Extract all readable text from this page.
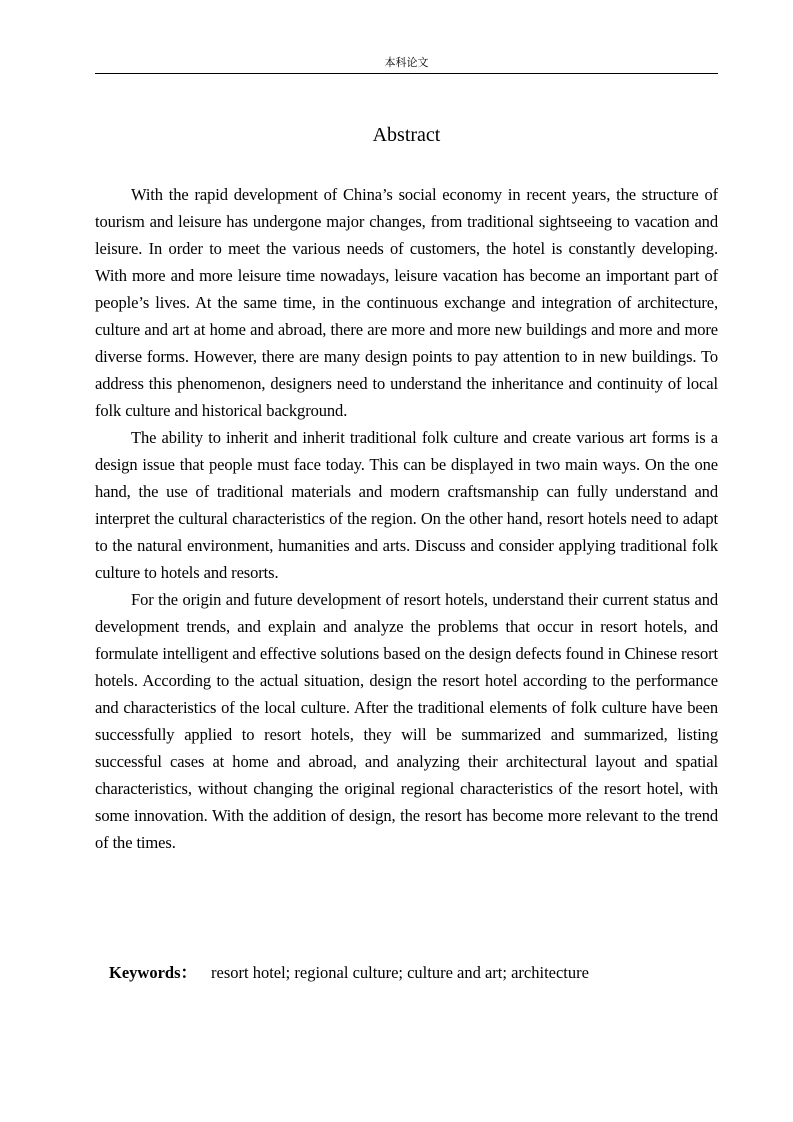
本科论文
Abstract

With the rapid development of China’s social economy in recent years, the structure of tourism and leisure has undergone major changes, from traditional sightseeing to vacation and leisure. In order to meet the various needs of customers, the hotel is constantly developing. With more and more leisure time nowadays, leisure vacation has become an important part of people’s lives. At the same time, in the continuous exchange and integration of architecture, culture and art at home and abroad, there are more and more new buildings and more and more diverse forms. However, there are many design points to pay attention to in new buildings. To address this phenomenon, designers need to understand the inheritance and continuity of local folk culture and historical background.

The ability to inherit and inherit traditional folk culture and create various art forms is a design issue that people must face today. This can be displayed in two main ways. On the one hand, the use of traditional materials and modern craftsmanship can fully understand and interpret the cultural characteristics of the region. On the other hand, resort hotels need to adapt to the natural environment, humanities and arts. Discuss and consider applying traditional folk culture to hotels and resorts.

For the origin and future development of resort hotels, understand their current status and development trends, and explain and analyze the problems that occur in resort hotels, and formulate intelligent and effective solutions based on the design defects found in Chinese resort hotels. According to the actual situation, design the resort hotel according to the performance and characteristics of the local culture. After the traditional elements of folk culture have been successfully applied to resort hotels, they will be summarized and summarized, listing successful cases at home and abroad, and analyzing their architectural layout and spatial characteristics, without changing the original regional characteristics of the resort hotel, with some innovation. With the addition of design, the resort has become more relevant to the trend of the times.

Keywords： resort hotel; regional culture; culture and art; architecture
